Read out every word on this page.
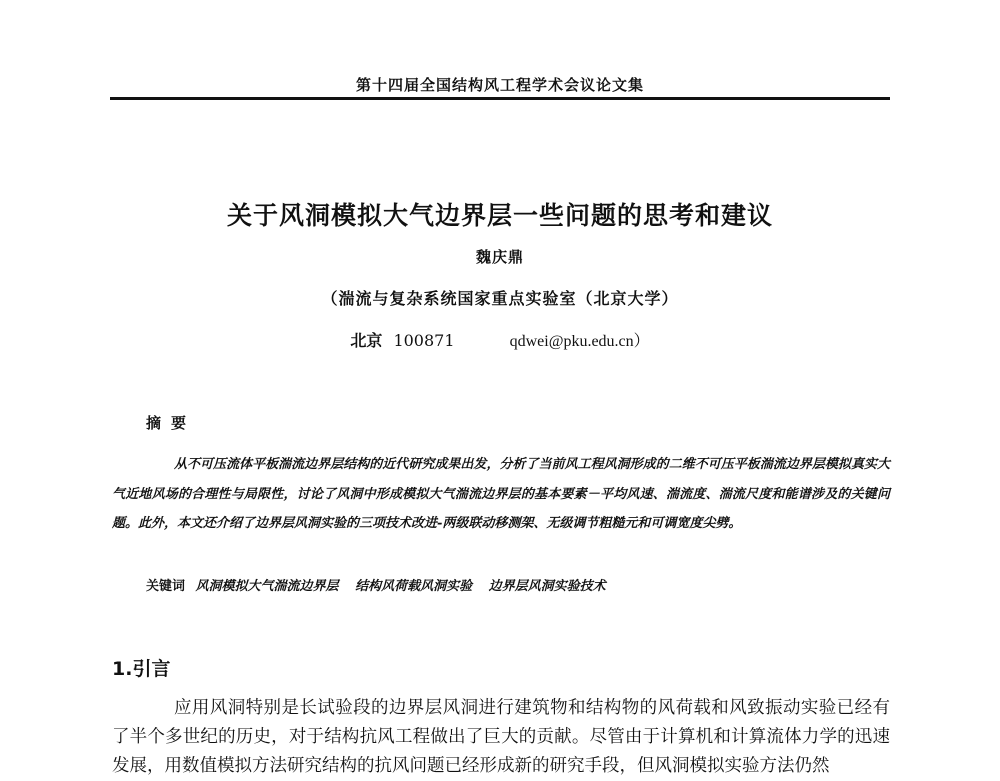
第十四届全国结构风工程学术会议论文集
关于风洞模拟大气边界层一些问题的思考和建议
魏庆鼎
（湍流与复杂系统国家重点实验室（北京大学）
北京 100871	qdwei@pku.edu.cn）
摘要
从不可压流体平板湍流边界层结构的近代研究成果出发，分析了当前风工程风洞形成的二维不可压平板湍流边界层模拟真实大气近地风场的合理性与局限性，讨论了风洞中形成模拟大气湍流边界层的基本要素－平均风速、湍流度、湍流尺度和能谱涉及的关键问题。此外，本文还介绍了边界层风洞实验的三项技术改进-两级联动移测架、无级调节粗糙元和可调宽度尖劈。
关键词 风洞模拟大气湍流边界层 结构风荷载风洞实验 边界层风洞实验技术
1.引言
应用风洞特别是长试验段的边界层风洞进行建筑物和结构物的风荷载和风致振动实验已经有了半个多世纪的历史，对于结构抗风工程做出了巨大的贡献。尽管由于计算机和计算流体力学的迅速发展，用数值模拟方法研究结构的抗风问题已经形成新的研究手段，但风洞模拟实验方法仍然
